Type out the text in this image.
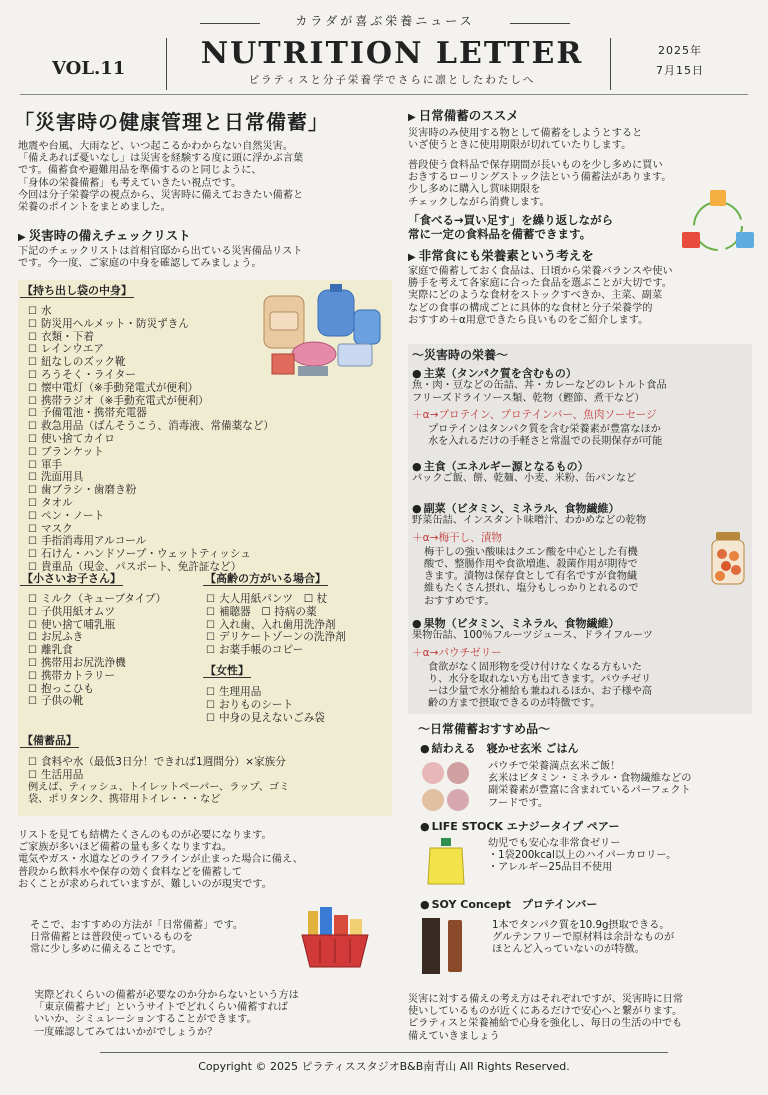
カラダが喜ぶ栄養ニュース
VOL.11	NUTRITION LETTER
ピラティスと分子栄養学でさらに凛としたわたしへ
2025年
7月15日
「災害時の健康管理と日常備蓄」

地震や台風、大雨など、いつ起こるかわからない自然災害。

「備えあれば憂いなし」は災害を経験する度に頭に浮かぶ言葉

です。備蓄食や避難用品を準備するのと同じように、

「身体の栄養備蓄」も考えていきたい視点です。

今回は分子栄養学の視点から、災害時に備えておきたい備蓄と

栄養のポイントをまとめました。

▶ 災害時の備えチェックリスト

下記のチェックリストは首相官邸から出ている災害備品リスト

です。今一度、ご家庭の中身を確認してみましょう。

【持ち出し袋の中身】
☐ 水
☐ 防災用ヘルメット・防災ずきん
☐ 衣類・下着
☐ レインウエア
☐ 紐なしのズック靴
☐ ろうそく・ライター
☐ 懐中電灯（※手動発電式が便利）
☐ 携帯ラジオ（※手動充電式が便利）
☐ 予備電池・携帯充電器
☐ 救急用品（ばんそうこう、消毒液、常備薬など）
☐ 使い捨てカイロ
☐ ブランケット
☐ 軍手
☐ 洗面用具
☐ 歯ブラシ・歯磨き粉
☐ タオル
☐ ペン・ノート
☐ マスク
☐ 手指消毒用アルコール
☐ 石けん・ハンドソープ・ウェットティッシュ
☐ 貴重品（現金、パスポート、免許証など）
【小さいお子さん】
☐ ミルク（キューブタイプ）
☐ 子供用紙オムツ
☐ 使い捨て哺乳瓶
☐ お尻ふき
☐ 離乳食
☐ 携帯用お尻洗浄機
☐ 携帯カトラリー
☐ 抱っこひも
☐ 子供の靴
【高齢の方がいる場合】
☐ 大人用紙パンツ　☐ 杖
☐ 補聴器　☐ 持病の薬
☐ 入れ歯、入れ歯用洗浄剤
☐ デリケートゾーンの洗浄剤
☐ お薬手帳のコピー
【女性】
☐ 生理用品
☐ おりものシート
☐ 中身の見えないごみ袋
【備蓄品】
☐ 食料や水（最低3日分！できれば1週間分）×家族分
☐ 生活用品

例えば、ティッシュ、トイレットペーパー、ラップ、ゴミ

袋、ポリタンク、携帯用トイレ・・・など

リストを見ても結構たくさんのものが必要になります。

ご家族が多いほど備蓄の量も多くなりますね。

電気やガス・水道などのライフラインが止まった場合に備え、

普段から飲料水や保存の効く食料などを備蓄して

おくことが求められていますが、難しいのが現実です。

そこで、おすすめの方法が「日常備蓄」です。

日常備蓄とは普段使っているものを

常に少し多めに備えることです。

実際どれくらいの備蓄が必要なのか分からないという方は

「東京備蓄ナビ」というサイトでどれくらい備蓄すれば

いいか、シミュレーションすることができます。

一度確認してみてはいかがでしょうか？

▶ 日常備蓄のススメ

災害時のみ使用する物として備蓄をしようとすると

いざ使うときに使用期限が切れていたりします。

普段使う食料品で保存期間が長いものを少し多めに買い

おきするローリングストック法という備蓄法があります。

少し多めに購入し賞味期限を

チェックしながら消費します。

「食べる→買い足す」を繰り返しながら

常に一定の食料品を備蓄できます。

▶ 非常食にも栄養素という考えを

家庭で備蓄しておく食品は、日頃から栄養バランスや使い

勝手を考えて各家庭に合った食品を選ぶことが大切です。

実際にどのような食材をストックすべきか、主菜、副菜

などの食事の構成ごとに具体的な食材と分子栄養学的

おすすめ＋α用意できたら良いものをご紹介します。

～災害時の栄養～

● 主菜（タンパク質を含むもの）

魚・肉・豆などの缶詰、丼・カレーなどのレトルト食品

フリーズドライソース類、乾物（鰹節、煮干など）

＋α→プロテイン、プロテインバー、魚肉ソーセージ

プロテインはタンパク質を含む栄養素が豊富なほか

水を入れるだけの手軽さと常温での長期保存が可能

● 主食（エネルギー源となるもの）

パックご飯、餅、乾麺、小麦、米粉、缶パンなど

● 副菜（ビタミン、ミネラル、食物繊維）

野菜缶詰、インスタント味噌汁、わかめなどの乾物

＋α→梅干し、漬物

梅干しの強い酸味はクエン酸を中心とした有機

酸で、整腸作用や食欲増進、殺菌作用が期待で

きます。漬物は保存食として有名ですが食物繊

維もたくさん摂れ、塩分もしっかりとれるので

おすすめです。

● 果物（ビタミン、ミネラル、食物繊維）

果物缶詰、100％フルーツジュース、ドライフルーツ

＋α→パウチゼリー

食欲がなく固形物を受け付けなくなる方もいた

り、水分を取れない方も出てきます。パウチゼリ

ーは少量で水分補給も兼ねれるほか、お子様や高

齢の方まで摂取できるのが特徴です。

～日常備蓄おすすめ品～

● 結わえる　寝かせ玄米 ごはん

パウチで栄養満点玄米ご飯！

玄米はビタミン・ミネラル・食物繊維などの

副栄養素が豊富に含まれているパーフェクト

フードです。

● LIFE STOCK エナジータイプ ペアー

幼児でも安心な非常食ゼリー

・1袋200kcal以上のハイパーカロリー。

・アレルギー25品目不使用

● SOY Concept　プロテインバー

1本でタンパク質を10.9g摂取できる。

グルテンフリーで原材料は余計なものが

ほとんど入っていないのが特徴。

災害に対する備えの考え方はそれぞれですが、災害時に日常

使いしているものが近くにあるだけで安心へと繋がります。

ピラティスと栄養補給で心身を強化し、毎日の生活の中でも

備えていきましょう

Copyright © 2025 ピラティススタジオB&B南青山 All Rights Reserved.
